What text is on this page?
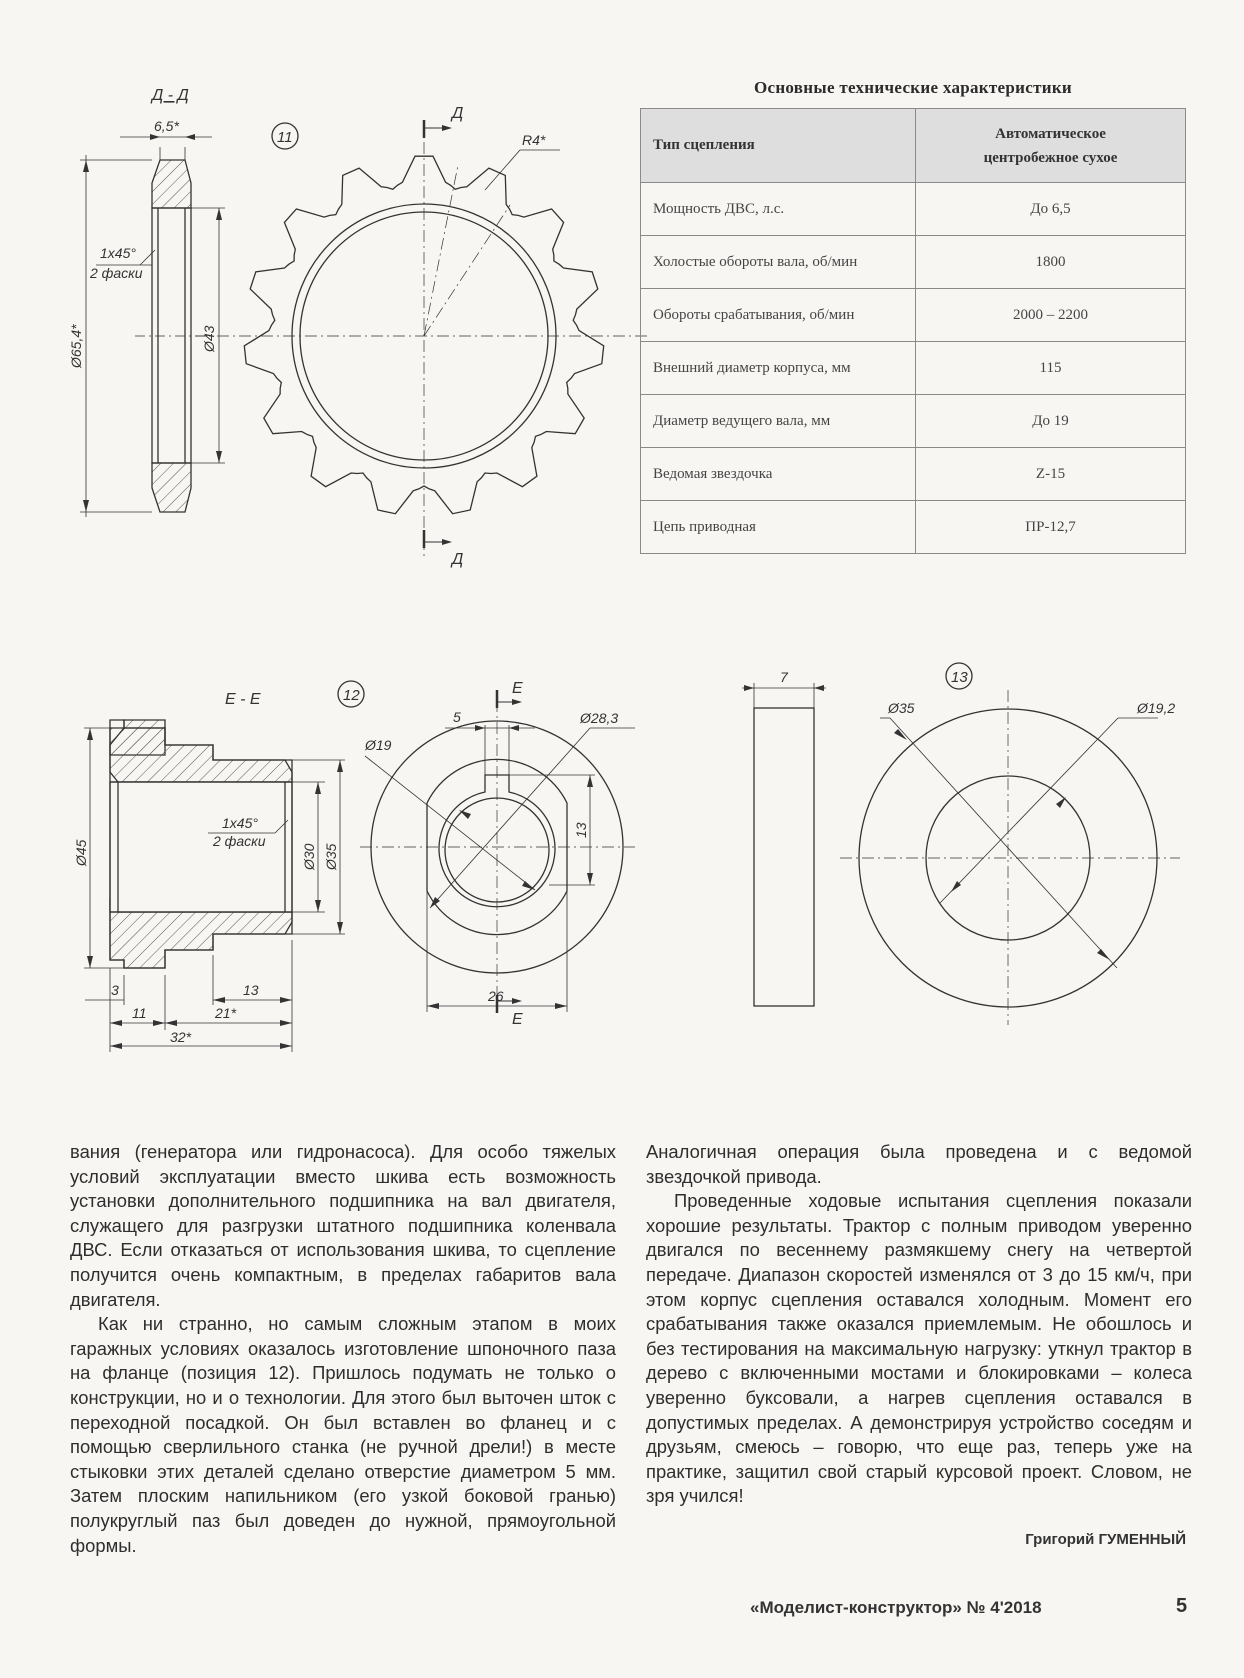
Д - Д
6,5*
Ø65,4*	Ø43
1x45°
2 фаски
11
Д
Д
R4*
E - E
1x45°
2 фаски
Ø45	Ø30 Ø35
3	13
11	21*
32*
12	E
E
5	Ø28,3
Ø19
13
26
7	13
Ø35	Ø19,2
Основные технические характеристики
Тип сцепления	Автоматическое
центробежное сухое

Мощность ДВС, л.с.	До 6,5
Холостые обороты вала, об/мин	1800
Обороты срабатывания, об/мин	2000 – 2200
Внешний диаметр корпуса, мм	115
Диаметр ведущего вала, мм	До 19
Ведомая звездочка	Z-15
Цепь приводная	ПР-12,7

вания (генератора или гидронасоса). Для особо тяжелых условий эксплуатации вместо шкива есть возможность установки дополнительного подшипника на вал двигателя, служащего для разгрузки штатного подшипника коленвала ДВС. Если отказаться от использования шкива, то сцепление получится очень компактным, в пределах габаритов вала двигателя.

Как ни странно, но самым сложным этапом в моих гаражных условиях оказалось изготовление шпоночного паза на фланце (позиция 12). Пришлось подумать не только о конструкции, но и о технологии. Для этого был выточен шток с переходной посадкой. Он был вставлен во фланец и с помощью сверлильного станка (не ручной дрели!) в месте стыковки этих деталей сделано отверстие диаметром 5 мм. Затем плоским напильником (его узкой боковой гранью) полукруглый паз был доведен до нужной, прямоугольной формы.

Аналогичная операция была проведена и с ведомой звездочкой привода.

Проведенные ходовые испытания сцепления показали хорошие результаты. Трактор с полным приводом уверенно двигался по весеннему размякшему снегу на четвертой передаче. Диапазон скоростей изменялся от 3 до 15 км/ч, при этом корпус сцепления оставался холодным. Момент его срабатывания также оказался приемлемым. Не обошлось и без тестирования на максимальную нагрузку: уткнул трактор в дерево с включенными мостами и блокировками – колеса уверенно буксовали, а нагрев сцепления оставался в допустимых пределах. А демонстрируя устройство соседям и друзьям, смеюсь – говорю, что еще раз, теперь уже на практике, защитил свой старый курсовой проект. Словом, не зря учился!

Григорий ГУМЕННЫЙ
«Моделист-конструктор» № 4'2018	5
